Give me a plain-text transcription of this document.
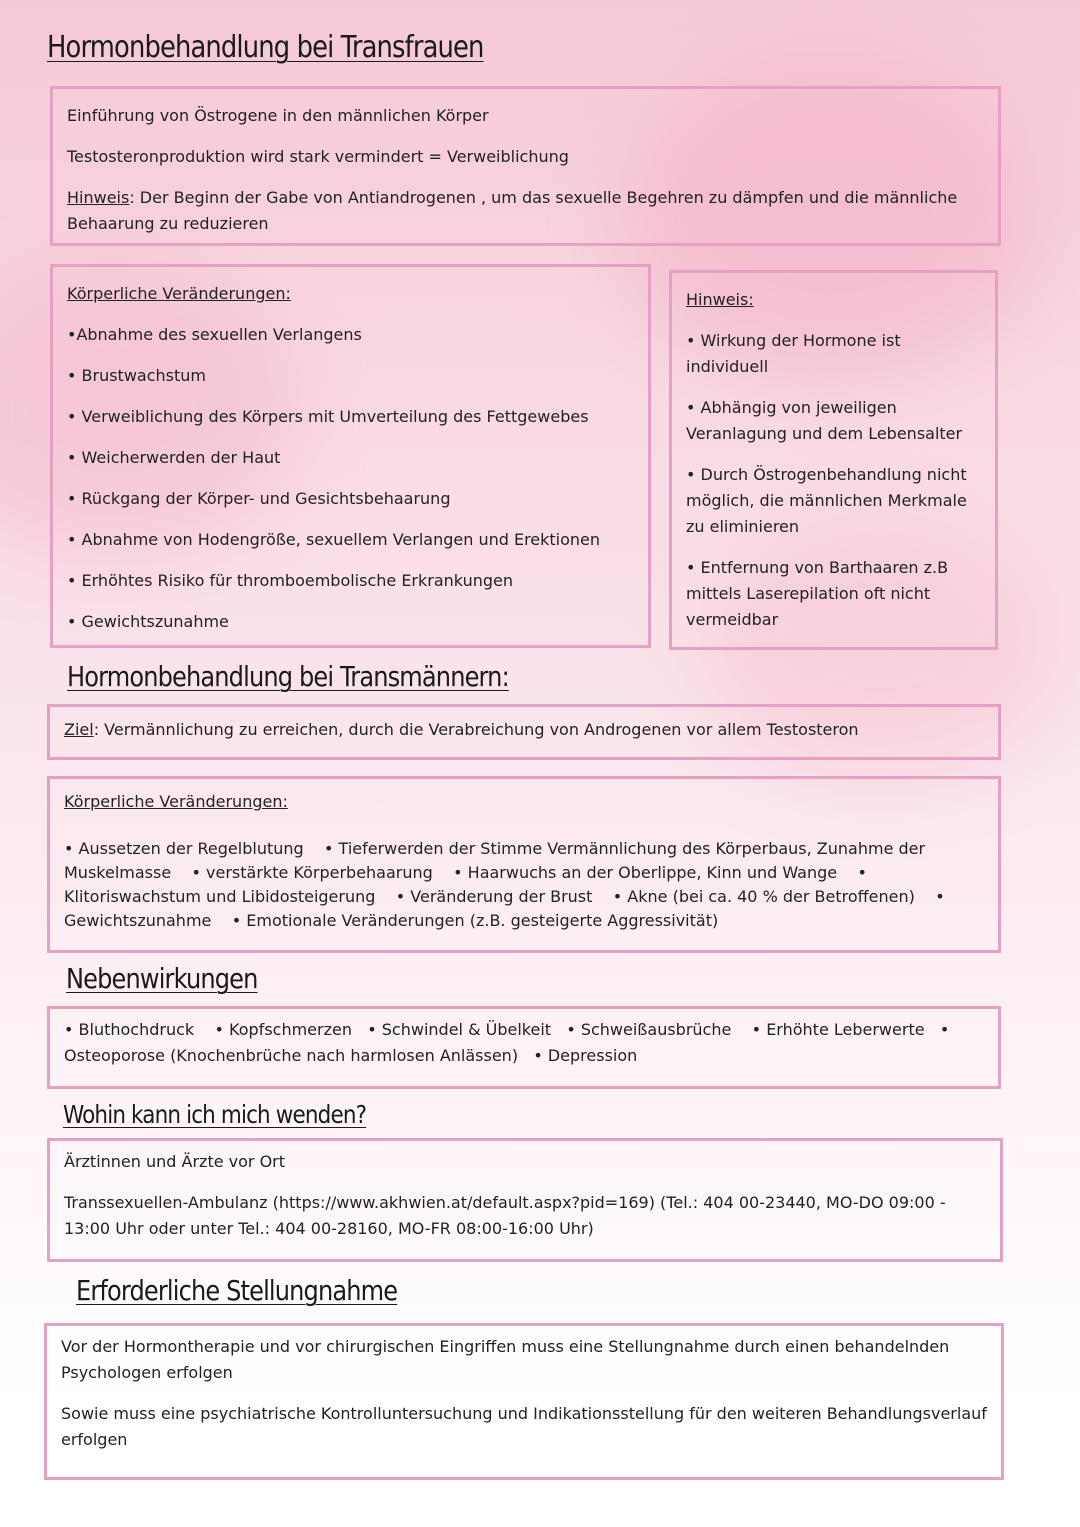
Hormonbehandlung bei Transfrauen

Einführung von Östrogene in den männlichen Körper

Testosteronproduktion wird stark vermindert = Verweiblichung

Hinweis: Der Beginn der Gabe von Antiandrogenen , um das sexuelle Begehren zu dämpfen und die männliche Behaarung zu reduzieren

Körperliche Veränderungen:

•Abnahme des sexuellen Verlangens

• Brustwachstum

• Verweiblichung des Körpers mit Umverteilung des Fettgewebes

• Weicherwerden der Haut

• Rückgang der Körper- und Gesichtsbehaarung

• Abnahme von Hodengröße, sexuellem Verlangen und Erektionen

• Erhöhtes Risiko für thromboembolische Erkrankungen

• Gewichtszunahme

Hinweis:

• Wirkung der Hormone ist individuell

• Abhängig von jeweiligen Veranlagung und dem Lebensalter

• Durch Östrogenbehandlung nicht möglich, die männlichen Merkmale zu eliminieren

• Entfernung von Barthaaren z.B mittels Laserepilation oft nicht vermeidbar

Hormonbehandlung bei Transmännern:

Ziel: Vermännlichung zu erreichen, durch die Verabreichung von Androgenen vor allem Testosteron

Körperliche Veränderungen:

• Aussetzen der Regelblutung • Tieferwerden der Stimme Vermännlichung des Körperbaus, Zunahme der Muskelmasse • verstärkte Körperbehaarung • Haarwuchs an der Oberlippe, Kinn und Wange • Klitoriswachstum und Libidosteigerung • Veränderung der Brust • Akne (bei ca. 40 % der Betroffenen) • Gewichtszunahme • Emotionale Veränderungen (z.B. gesteigerte Aggressivität)

Nebenwirkungen

• Bluthochdruck • Kopfschmerzen • Schwindel & Übelkeit • Schweißausbrüche • Erhöhte Leberwerte • Osteoporose (Knochenbrüche nach harmlosen Anlässen) • Depression

Wohin kann ich mich wenden?

Ärztinnen und Ärzte vor Ort

Transsexuellen-Ambulanz (https://www.akhwien.at/default.aspx?pid=169) (Tel.: 404 00-23440, MO-DO 09:00 - 13:00 Uhr oder unter Tel.: 404 00-28160, MO-FR 08:00-16:00 Uhr)

Erforderliche Stellungnahme

Vor der Hormontherapie und vor chirurgischen Eingriffen muss eine Stellungnahme durch einen behandelnden Psychologen erfolgen

Sowie muss eine psychiatrische Kontrolluntersuchung und Indikationsstellung für den weiteren Behandlungsverlauf erfolgen
